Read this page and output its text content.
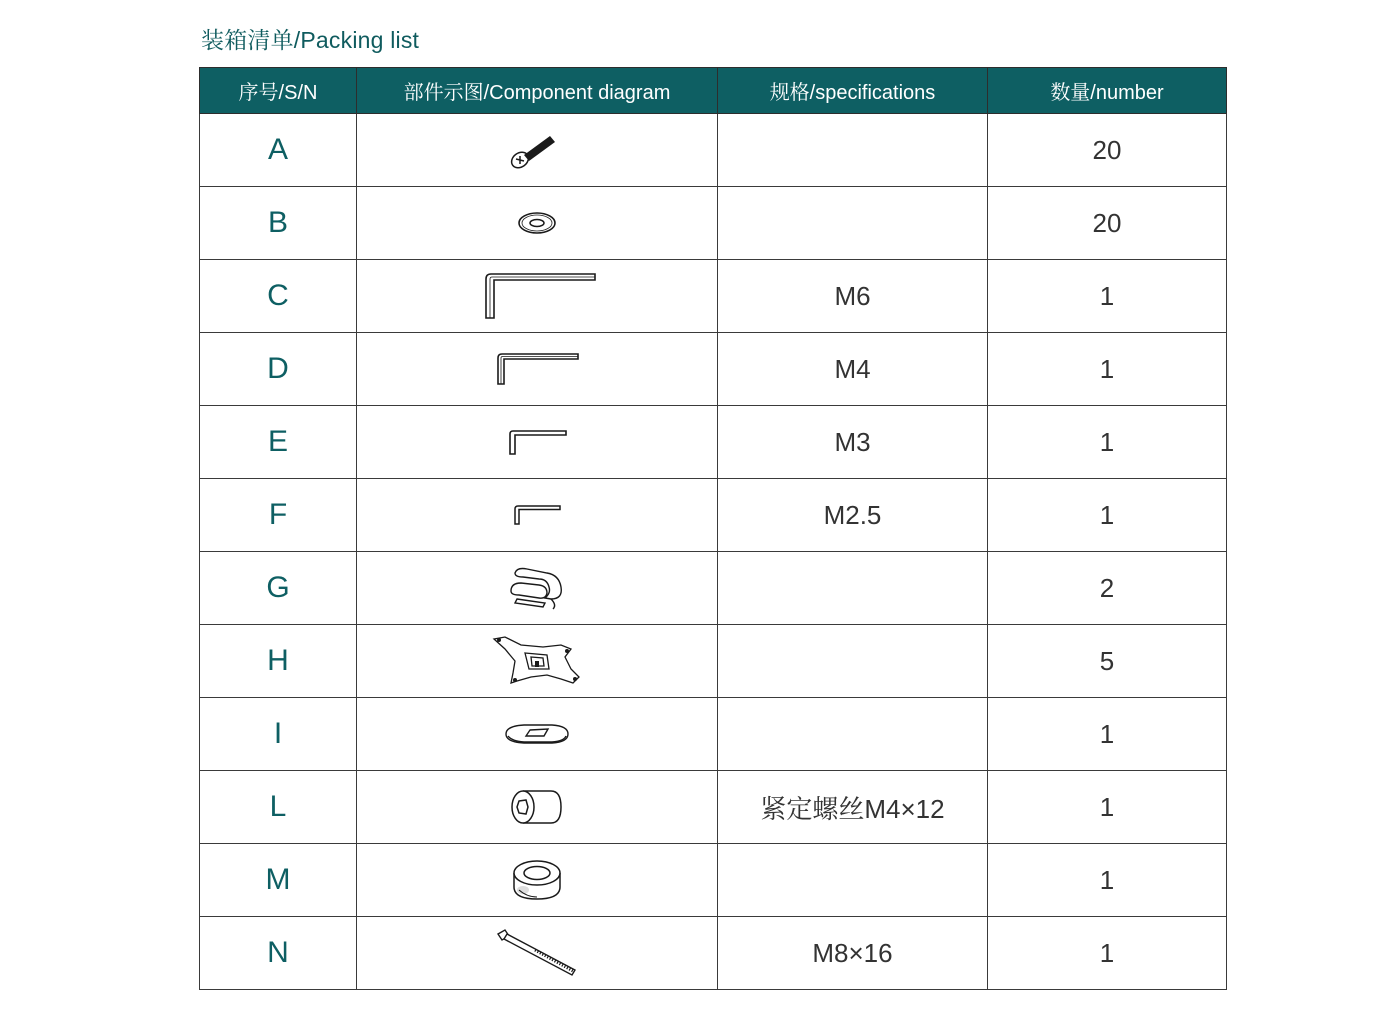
装箱清单/Packing list
序号/S/N	部件示图/Component diagram	规格/specifications	数量/number
A			20
B			20
C		M6	1
D		M4	1
E		M3	1
F		M2.5	1
G			2
H			5
I			1
L		紧定螺丝M4×12	1
M			1
N		M8×16	1
